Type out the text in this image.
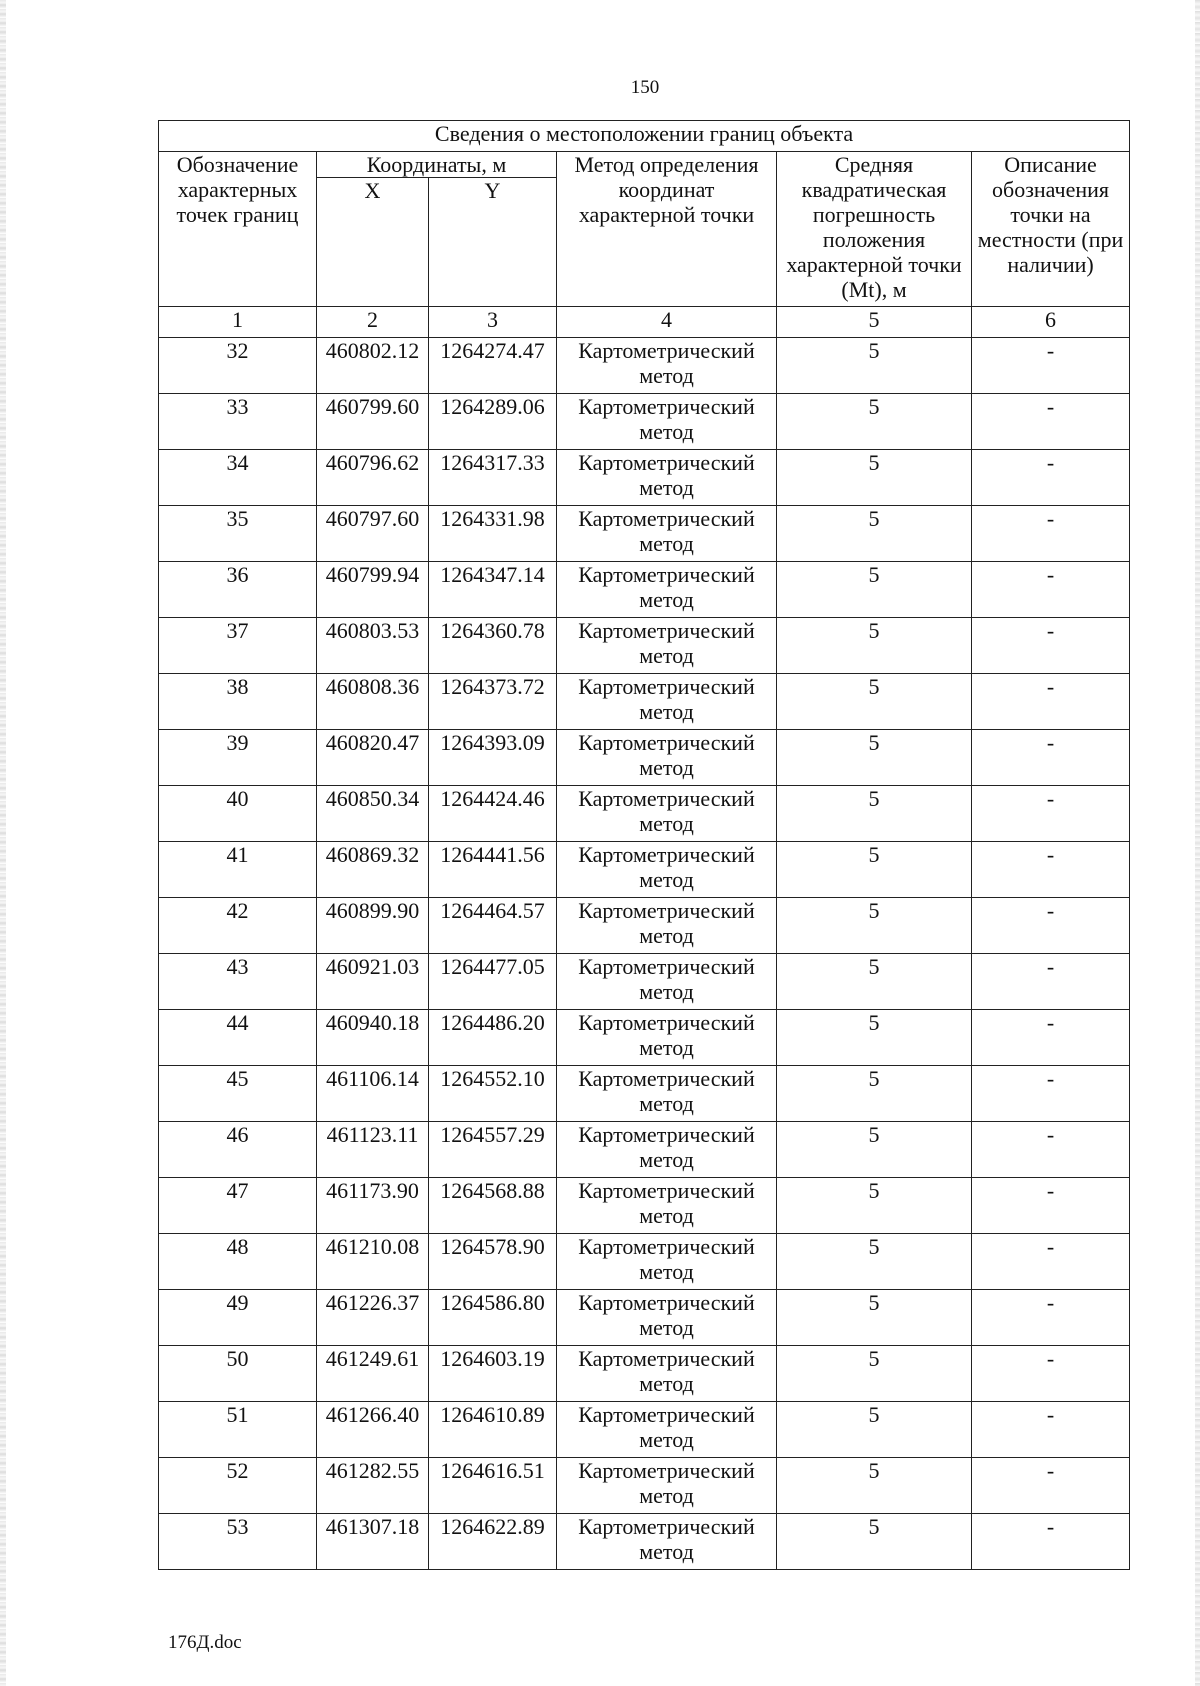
150
Сведения о местоположении границ объекта					
Обозначение характерных точек границ	Координаты, м		Метод определения координат характерной точки	Средняя квадратическая погрешность положения характерной точки (Mt), м	Описание обозначения точки на местности (при наличии)
	X	Y			
1	2	3	4	5	6
32	460802.12	1264274.47	Картометрический метод	5	-
33	460799.60	1264289.06	Картометрический метод	5	-
34	460796.62	1264317.33	Картометрический метод	5	-
35	460797.60	1264331.98	Картометрический метод	5	-
36	460799.94	1264347.14	Картометрический метод	5	-
37	460803.53	1264360.78	Картометрический метод	5	-
38	460808.36	1264373.72	Картометрический метод	5	-
39	460820.47	1264393.09	Картометрический метод	5	-
40	460850.34	1264424.46	Картометрический метод	5	-
41	460869.32	1264441.56	Картометрический метод	5	-
42	460899.90	1264464.57	Картометрический метод	5	-
43	460921.03	1264477.05	Картометрический метод	5	-
44	460940.18	1264486.20	Картометрический метод	5	-
45	461106.14	1264552.10	Картометрический метод	5	-
46	461123.11	1264557.29	Картометрический метод	5	-
47	461173.90	1264568.88	Картометрический метод	5	-
48	461210.08	1264578.90	Картометрический метод	5	-
49	461226.37	1264586.80	Картометрический метод	5	-
50	461249.61	1264603.19	Картометрический метод	5	-
51	461266.40	1264610.89	Картометрический метод	5	-
52	461282.55	1264616.51	Картометрический метод	5	-
53	461307.18	1264622.89	Картометрический метод	5	-
176Д.doc
